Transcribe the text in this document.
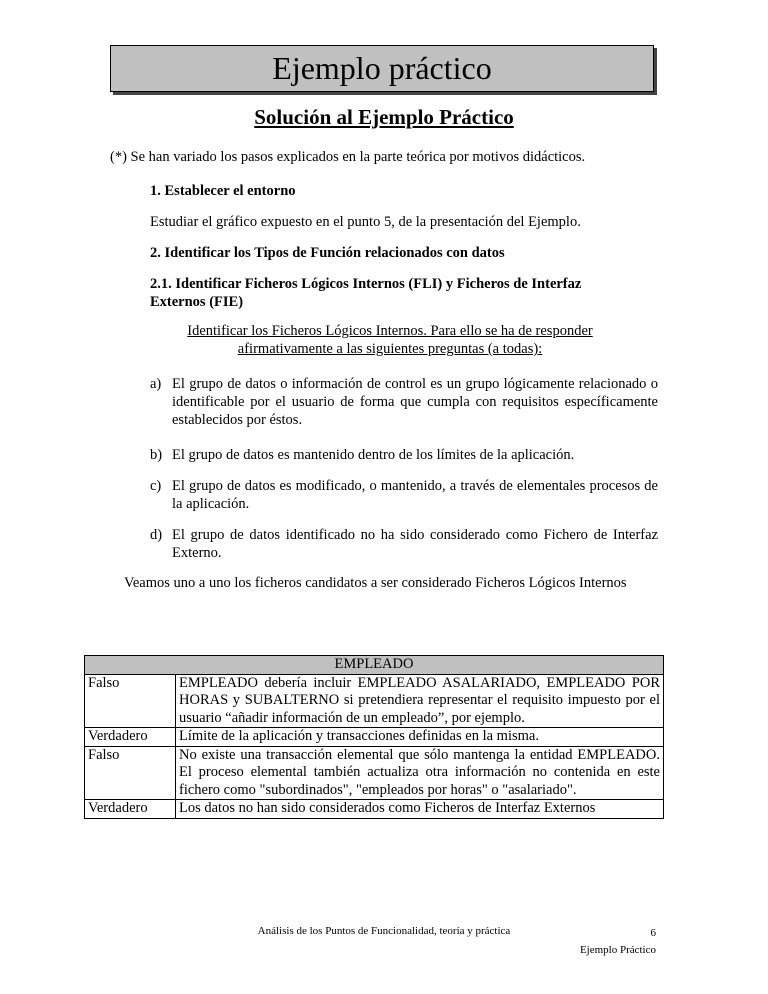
Ejemplo práctico
Solución al Ejemplo Práctico
(*) Se han variado los pasos explicados en la parte teórica por motivos didácticos.
1. Establecer el entorno
Estudiar el gráfico expuesto en el punto 5, de la presentación del Ejemplo.
2. Identificar los Tipos de Función relacionados con datos
2.1. Identificar Ficheros Lógicos Internos (FLI) y Ficheros de Interfaz Externos (FIE)
Identificar los Ficheros Lógicos Internos. Para ello se ha de responder afirmativamente a las siguientes preguntas (a todas):
a) El grupo de datos o información de control es un grupo lógicamente relacionado o identificable por el usuario de forma que cumpla con requisitos específicamente establecidos por éstos.
b) El grupo de datos es mantenido dentro de los límites de la aplicación.
c) El grupo de datos es modificado, o mantenido, a través de elementales procesos de la aplicación.
d) El grupo de datos identificado no ha sido considerado como Fichero de Interfaz Externo.
Veamos uno a uno los ficheros candidatos a ser considerado Ficheros Lógicos Internos
EMPLEADO	
Falso	EMPLEADO debería incluir EMPLEADO ASALARIADO, EMPLEADO POR HORAS y SUBALTERNO si pretendiera representar el requisito impuesto por el usuario “añadir información de un empleado”, por ejemplo.
Verdadero	Límite de la aplicación y transacciones definidas en la misma.
Falso	No existe una transacción elemental que sólo mantenga la entidad EMPLEADO. El proceso elemental también actualiza otra información no contenida en este fichero como "subordinados", "empleados por horas" o "asalariado".
Verdadero	Los datos no han sido considerados como Ficheros de Interfaz Externos
Análisis de los Puntos de Funcionalidad, teoría y práctica	6
Ejemplo Práctico
